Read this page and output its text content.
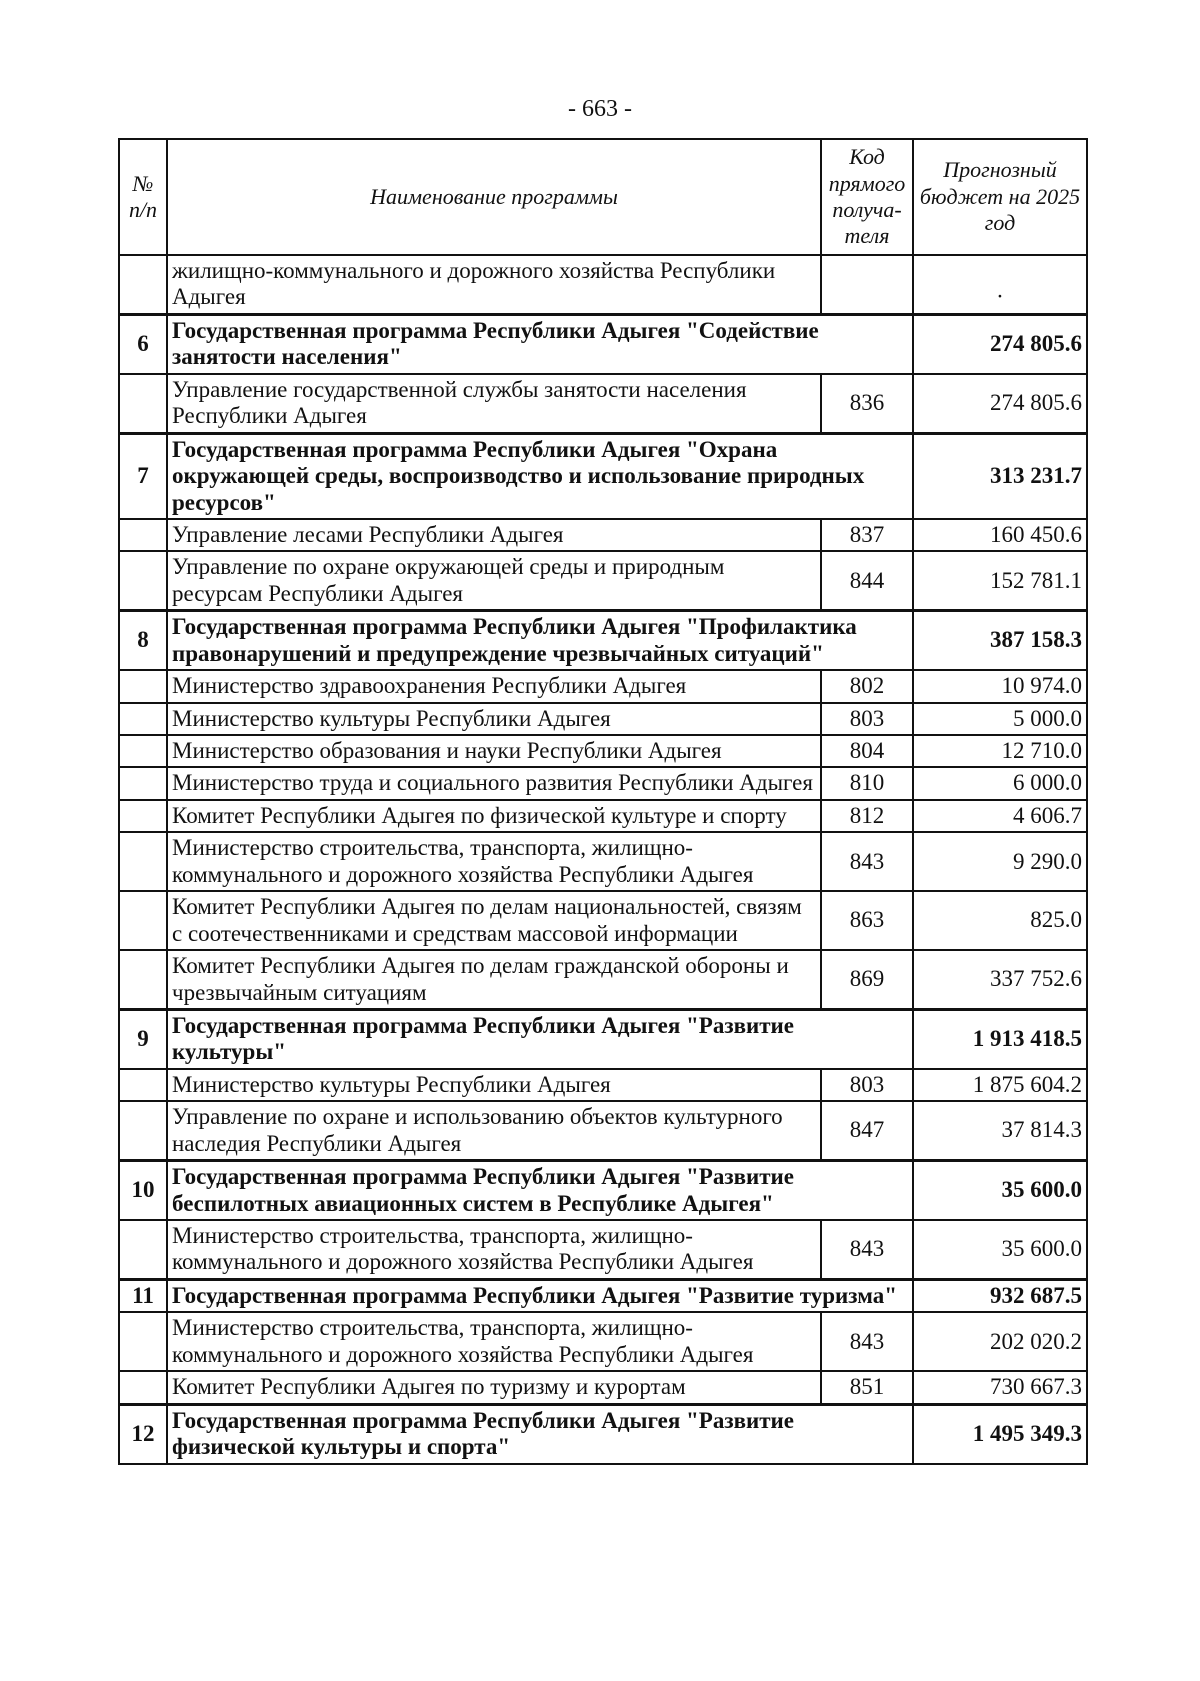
- 663 -
№ п/п	Наименование программы	Код прямого получа-теля	Прогнозный бюджет на 2025 год
	жилищно-коммунального и дорожного хозяйства Республики Адыгея		·
6	Государственная программа Республики Адыгея "Содействие занятости населения"		274 805.6
	Управление государственной службы занятости населения Республики Адыгея	836	274 805.6
7	Государственная программа Республики Адыгея "Охрана окружающей среды, воспроизводство и использование природных ресурсов"		313 231.7
	Управление лесами Республики Адыгея	837	160 450.6
	Управление по охране окружающей среды и природным ресурсам Республики Адыгея	844	152 781.1
8	Государственная программа Республики Адыгея "Профилактика правонарушений и предупреждение чрезвычайных ситуаций"		387 158.3
	Министерство здравоохранения Республики Адыгея	802	10 974.0
	Министерство культуры Республики Адыгея	803	5 000.0
	Министерство образования и науки Республики Адыгея	804	12 710.0
	Министерство труда и социального развития Республики Адыгея	810	6 000.0
	Комитет Республики Адыгея по физической культуре и спорту	812	4 606.7
	Министерство строительства, транспорта, жилищно-коммунального и дорожного хозяйства Республики Адыгея	843	9 290.0
	Комитет Республики Адыгея по делам национальностей, связям с соотечественниками и средствам массовой информации	863	825.0
	Комитет Республики Адыгея по делам гражданской обороны и чрезвычайным ситуациям	869	337 752.6
9	Государственная программа Республики Адыгея "Развитие культуры"		1 913 418.5
	Министерство культуры Республики Адыгея	803	1 875 604.2
	Управление по охране и использованию объектов культурного наследия Республики Адыгея	847	37 814.3
10	Государственная программа Республики Адыгея "Развитие беспилотных авиационных систем в Республике Адыгея"		35 600.0
	Министерство строительства, транспорта, жилищно-коммунального и дорожного хозяйства Республики Адыгея	843	35 600.0
11	Государственная программа Республики Адыгея "Развитие туризма"		932 687.5
	Министерство строительства, транспорта, жилищно-коммунального и дорожного хозяйства Республики Адыгея	843	202 020.2
	Комитет Республики Адыгея по туризму и курортам	851	730 667.3
12	Государственная программа Республики Адыгея "Развитие физической культуры и спорта"		1 495 349.3
